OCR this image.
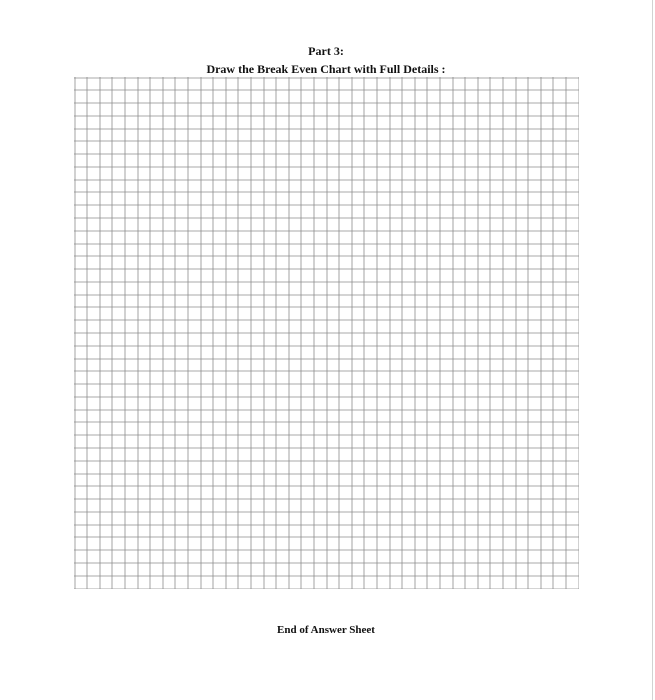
Part 3:
Draw the Break Even Chart with Full Details :
End of Answer Sheet
